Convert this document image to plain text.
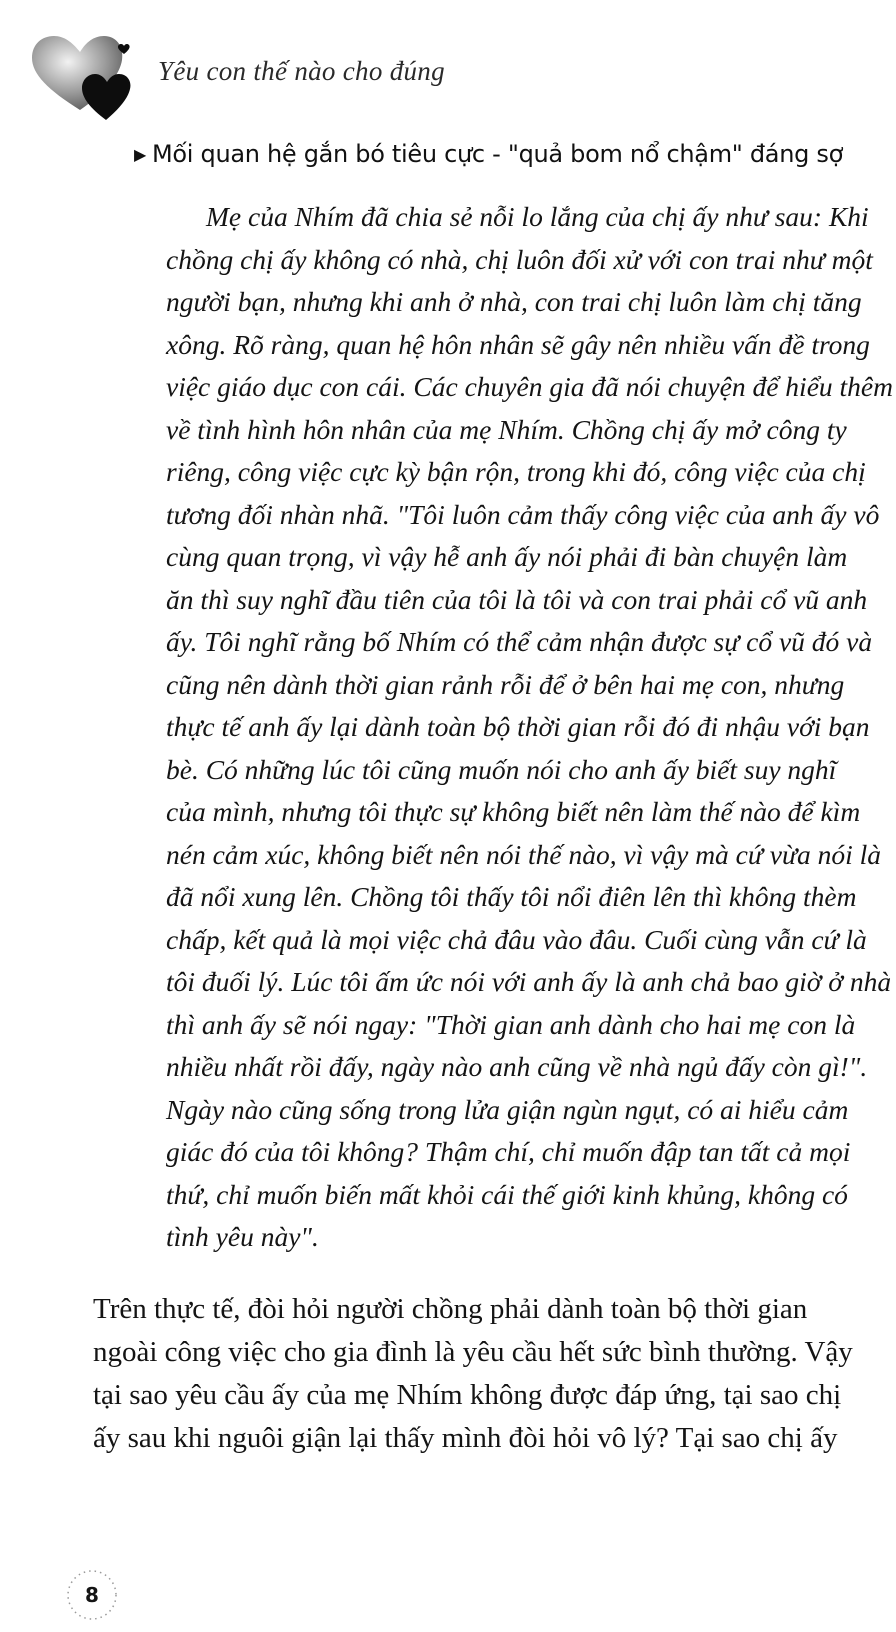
Yêu con thế nào cho đúng
▶ Mối quan hệ gắn bó tiêu cực - "quả bom nổ chậm" đáng sợ
Mẹ của Nhím đã chia sẻ nỗi lo lắng của chị ấy như sau: Khi
chồng chị ấy không có nhà, chị luôn đối xử với con trai như một
người bạn, nhưng khi anh ở nhà, con trai chị luôn làm chị tăng
xông. Rõ ràng, quan hệ hôn nhân sẽ gây nên nhiều vấn đề trong
việc giáo dục con cái. Các chuyên gia đã nói chuyện để hiểu thêm
về tình hình hôn nhân của mẹ Nhím. Chồng chị ấy mở công ty
riêng, công việc cực kỳ bận rộn, trong khi đó, công việc của chị
tương đối nhàn nhã. "Tôi luôn cảm thấy công việc của anh ấy vô
cùng quan trọng, vì vậy hễ anh ấy nói phải đi bàn chuyện làm
ăn thì suy nghĩ đầu tiên của tôi là tôi và con trai phải cổ vũ anh
ấy. Tôi nghĩ rằng bố Nhím có thể cảm nhận được sự cổ vũ đó và
cũng nên dành thời gian rảnh rỗi để ở bên hai mẹ con, nhưng
thực tế anh ấy lại dành toàn bộ thời gian rỗi đó đi nhậu với bạn
bè. Có những lúc tôi cũng muốn nói cho anh ấy biết suy nghĩ
của mình, nhưng tôi thực sự không biết nên làm thế nào để kìm
nén cảm xúc, không biết nên nói thế nào, vì vậy mà cứ vừa nói là
đã nổi xung lên. Chồng tôi thấy tôi nổi điên lên thì không thèm
chấp, kết quả là mọi việc chả đâu vào đâu. Cuối cùng vẫn cứ là
tôi đuối lý. Lúc tôi ấm ức nói với anh ấy là anh chả bao giờ ở nhà
thì anh ấy sẽ nói ngay: "Thời gian anh dành cho hai mẹ con là
nhiều nhất rồi đấy, ngày nào anh cũng về nhà ngủ đấy còn gì!".
Ngày nào cũng sống trong lửa giận ngùn ngụt, có ai hiểu cảm
giác đó của tôi không? Thậm chí, chỉ muốn đập tan tất cả mọi
thứ, chỉ muốn biến mất khỏi cái thế giới kinh khủng, không có
tình yêu này".
Trên thực tế, đòi hỏi người chồng phải dành toàn bộ thời gian
ngoài công việc cho gia đình là yêu cầu hết sức bình thường. Vậy
tại sao yêu cầu ấy của mẹ Nhím không được đáp ứng, tại sao chị
ấy sau khi nguôi giận lại thấy mình đòi hỏi vô lý? Tại sao chị ấy
8
